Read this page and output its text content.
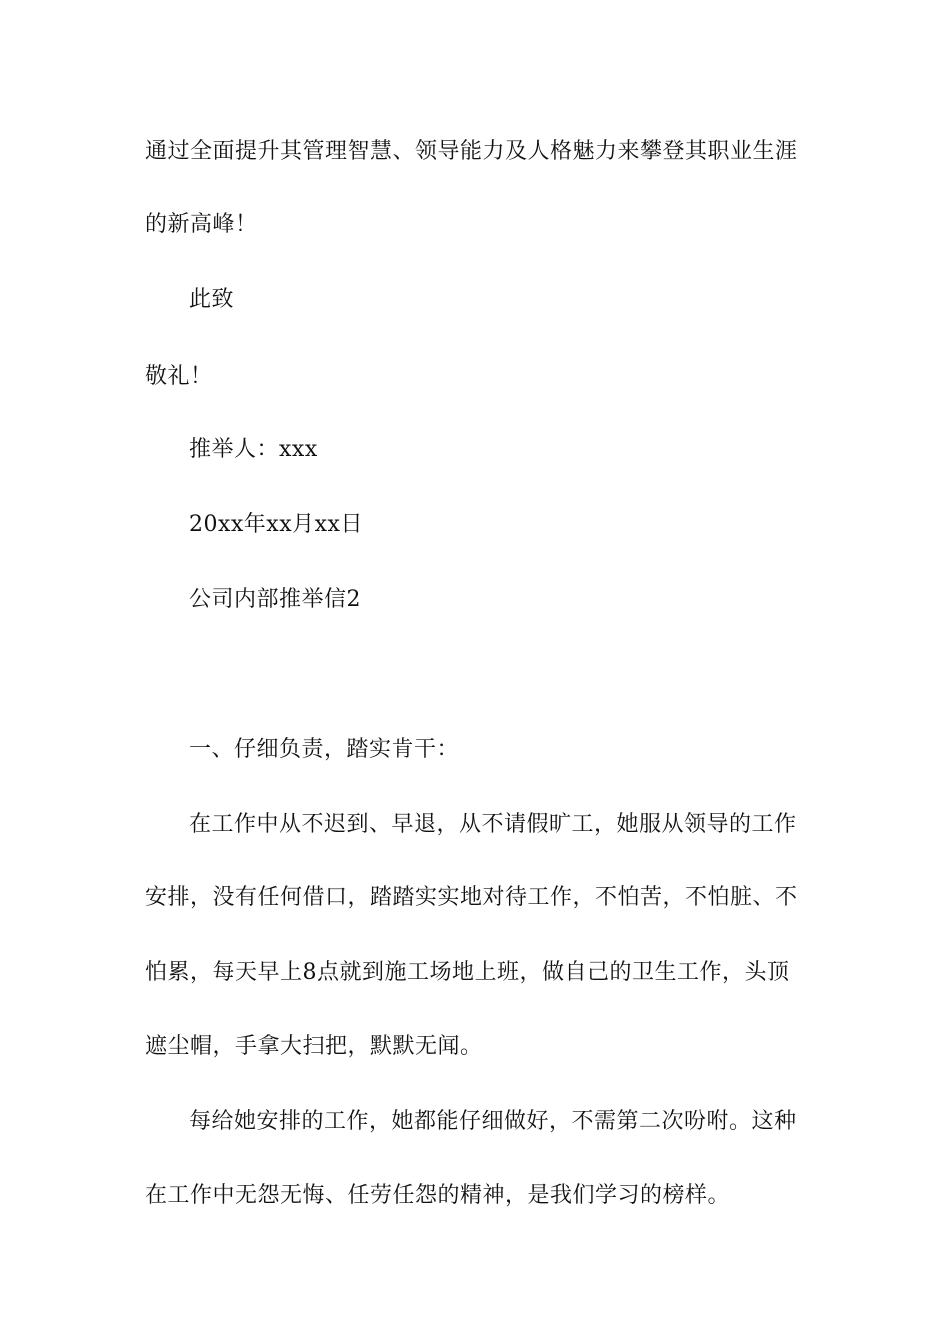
通过全面提升其管理智慧、领导能力及人格魅力来攀登其职业生涯
的新高峰！
此致
敬礼！
推举人：xxx
20xx年xx月xx日
公司内部推举信2
一、仔细负责，踏实肯干：
在工作中从不迟到、早退，从不请假旷工，她服从领导的工作
安排，没有任何借口，踏踏实实地对待工作，不怕苦，不怕脏、不
怕累，每天早上8点就到施工场地上班，做自己的卫生工作，头顶
遮尘帽，手拿大扫把，默默无闻。
每给她安排的工作，她都能仔细做好，不需第二次吩咐。这种
在工作中无怨无悔、任劳任怨的精神，是我们学习的榜样。
